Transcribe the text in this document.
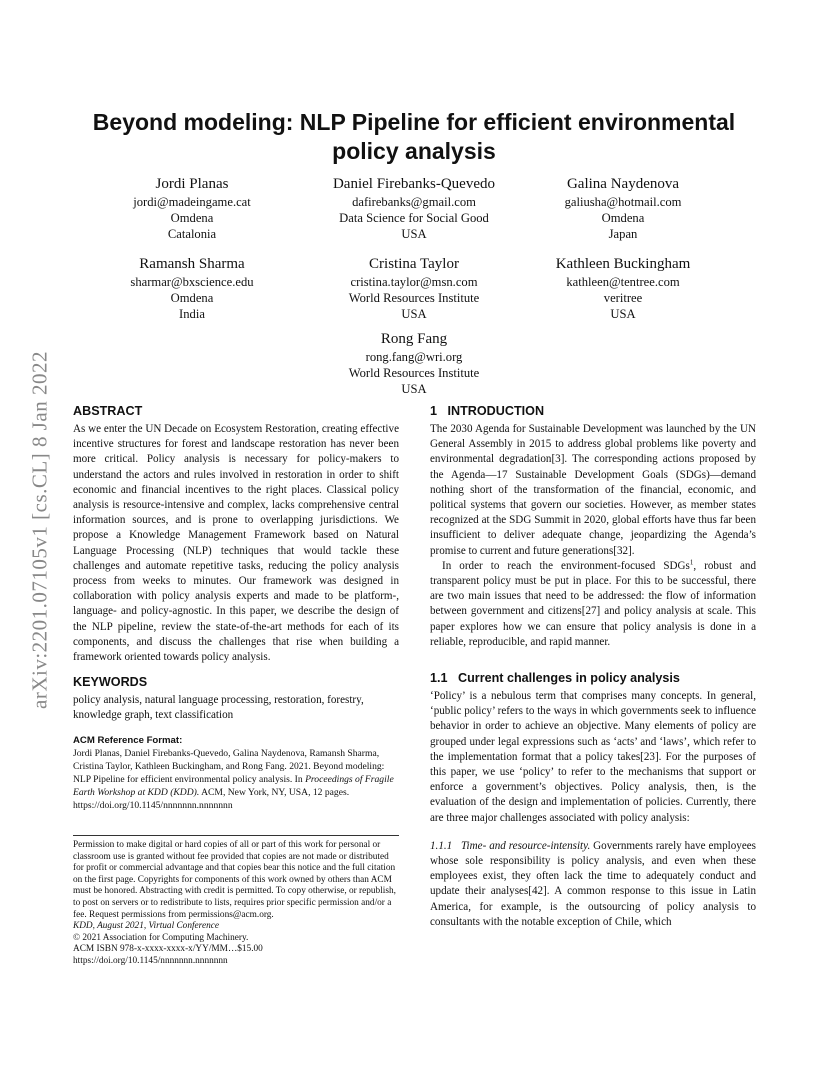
arXiv:2201.07105v1 [cs.CL] 8 Jan 2022
Beyond modeling: NLP Pipeline for efficient environmental
policy analysis
Jordi Planas
jordi@madeingame.cat
Omdena
Catalonia
Daniel Firebanks-Quevedo
dafirebanks@gmail.com
Data Science for Social Good
USA
Galina Naydenova
galiusha@hotmail.com
Omdena
Japan
Ramansh Sharma
sharmar@bxscience.edu
Omdena
India
Cristina Taylor
cristina.taylor@msn.com
World Resources Institute
USA
Kathleen Buckingham
kathleen@tentree.com
veritree
USA
Rong Fang
rong.fang@wri.org
World Resources Institute
USA
ABSTRACT

As we enter the UN Decade on Ecosystem Restoration, creating effective incentive structures for forest and landscape restoration has never been more critical. Policy analysis is necessary for policy-makers to understand the actors and rules involved in restoration in order to shift economic and financial incentives to the right places. Classical policy analysis is resource-intensive and complex, lacks comprehensive central information sources, and is prone to overlapping jurisdictions. We propose a Knowledge Management Framework based on Natural Language Processing (NLP) techniques that would tackle these challenges and automate repetitive tasks, reducing the policy analysis process from weeks to minutes. Our framework was designed in collaboration with policy analysis experts and made to be platform-, language- and policy-agnostic. In this paper, we describe the design of the NLP pipeline, review the state-of-the-art methods for each of its components, and discuss the challenges that rise when building a framework oriented towards policy analysis.

KEYWORDS

policy analysis, natural language processing, restoration, forestry, knowledge graph, text classification

ACM Reference Format:
Jordi Planas, Daniel Firebanks-Quevedo, Galina Naydenova, Ramansh Sharma, Cristina Taylor, Kathleen Buckingham, and Rong Fang. 2021. Beyond modeling: NLP Pipeline for efficient environmental policy analysis. In Proceedings of Fragile Earth Workshop at KDD (KDD). ACM, New York, NY, USA, 12 pages. https://doi.org/10.1145/nnnnnnn.nnnnnnn
Permission to make digital or hard copies of all or part of this work for personal or classroom use is granted without fee provided that copies are not made or distributed for profit or commercial advantage and that copies bear this notice and the full citation on the first page. Copyrights for components of this work owned by others than ACM must be honored. Abstracting with credit is permitted. To copy otherwise, or republish, to post on servers or to redistribute to lists, requires prior specific permission and/or a fee. Request permissions from permissions@acm.org.
KDD, August 2021, Virtual Conference
© 2021 Association for Computing Machinery.
ACM ISBN 978-x-xxxx-xxxx-x/YY/MM…$15.00
https://doi.org/10.1145/nnnnnnn.nnnnnnn
1   INTRODUCTION

The 2030 Agenda for Sustainable Development was launched by the UN General Assembly in 2015 to address global problems like poverty and environmental degradation[3]. The corresponding actions proposed by the Agenda—17 Sustainable Development Goals (SDGs)—demand nothing short of the transformation of the financial, economic, and political systems that govern our societies. However, as member states recognized at the SDG Summit in 2020, global efforts have thus far been insufficient to deliver adequate change, jeopardizing the Agenda’s promise to current and future generations[32].

In order to reach the environment-focused SDGs$^1$, robust and transparent policy must be put in place. For this to be successful, there are two main issues that need to be addressed: the flow of information between government and citizens[27] and policy analysis at scale. This paper explores how we can ensure that policy analysis is done in a reliable, reproducible, and rapid manner.

1.1   Current challenges in policy analysis

‘Policy’ is a nebulous term that comprises many concepts. In general, ‘public policy’ refers to the ways in which governments seek to influence behavior in order to achieve an objective. Many elements of policy are grouped under legal expressions such as ‘acts’ and ‘laws’, which refer to the implementation format that a policy takes[23]. For the purposes of this paper, we use ‘policy’ to refer to the mechanisms that support or enforce a government’s objectives. Policy analysis, then, is the evaluation of the design and implementation of policies. Currently, there are three major challenges associated with policy analysis:

1.1.1   Time- and resource-intensity. Governments rarely have employees whose sole responsibility is policy analysis, and even when these employees exist, they often lack the time to adequately conduct and update their analyses[42]. A common response to this issue in Latin America, for example, is the outsourcing of policy analysis to consultants with the notable exception of Chile, which
